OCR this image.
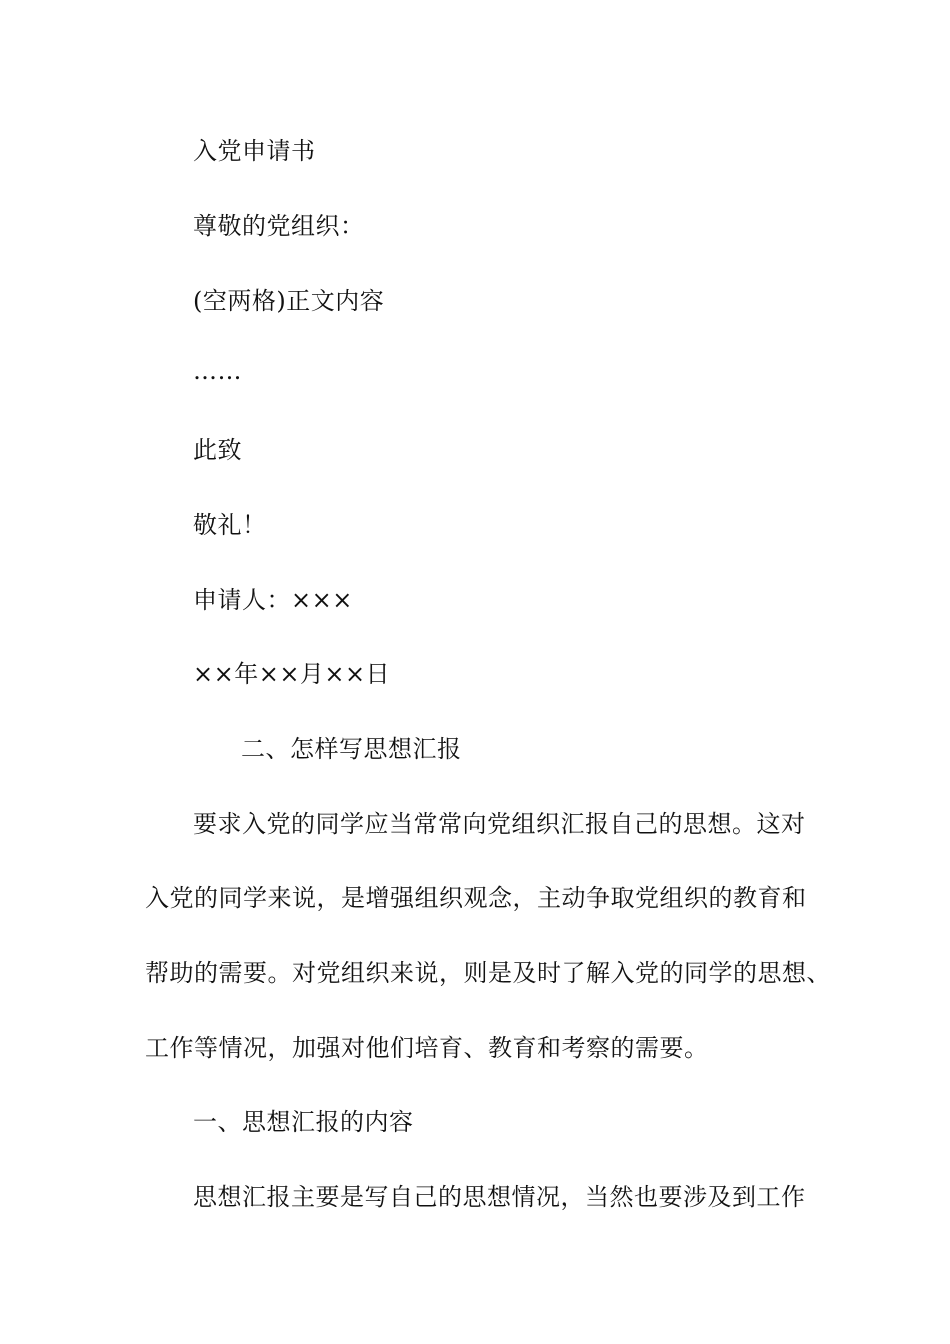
入党申请书
尊敬的党组织：
(空两格)正文内容
……
此致
敬礼！
申请人：×××
××年××月××日
二、怎样写思想汇报
要求入党的同学应当常常向党组织汇报自己的思想。这对
入党的同学来说，是增强组织观念，主动争取党组织的教育和
帮助的需要。对党组织来说，则是及时了解入党的同学的思想、
工作等情况，加强对他们培育、教育和考察的需要。
一、思想汇报的内容
思想汇报主要是写自己的思想情况，当然也要涉及到工作
